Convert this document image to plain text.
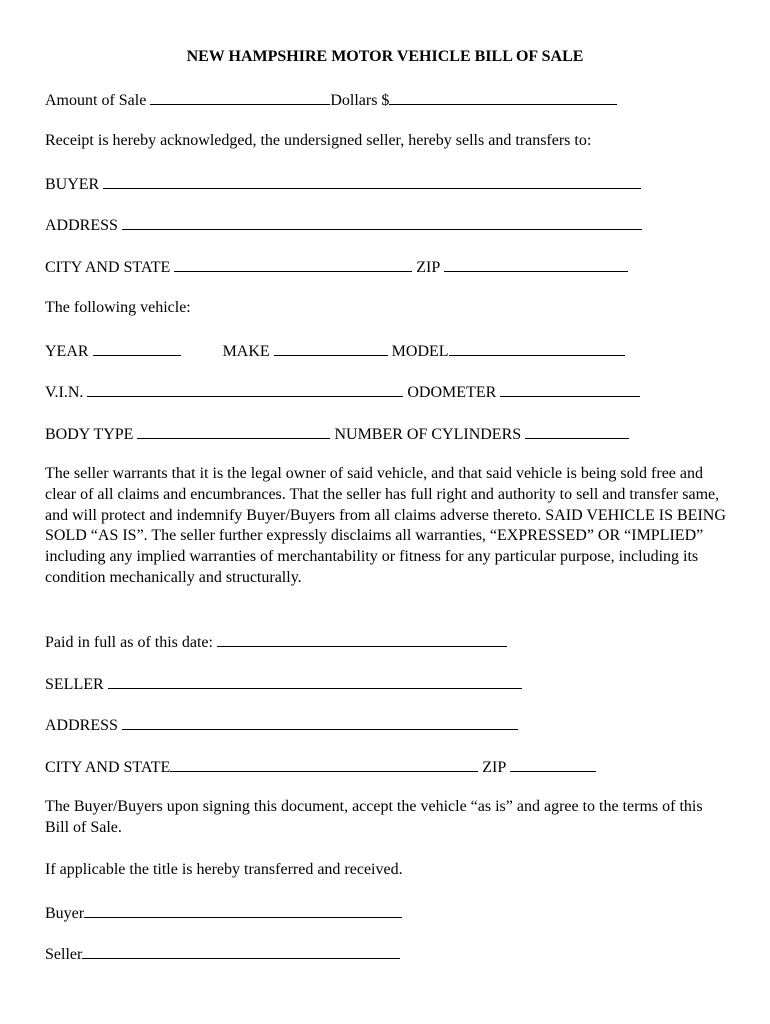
NEW HAMPSHIRE MOTOR VEHICLE BILL OF SALE
Amount of Sale	Dollars $
Receipt is hereby acknowledged, the undersigned seller, hereby sells and transfers to:
BUYER
ADDRESS
CITY AND STATE	ZIP
The following vehicle:
YEAR	MAKE	MODEL
V.I.N.	ODOMETER
BODY TYPE	NUMBER OF CYLINDERS
The seller warrants that it is the legal owner of said vehicle, and that said vehicle is being sold free and clear of all claims and encumbrances. That the seller has full right and authority to sell and transfer same, and will protect and indemnify Buyer/Buyers from all claims adverse thereto. SAID VEHICLE IS BEING SOLD “AS IS”. The seller further expressly disclaims all warranties, “EXPRESSED” OR “IMPLIED” including any implied warranties of merchantability or fitness for any particular purpose, including its condition mechanically and structurally.
Paid in full as of this date:
SELLER
ADDRESS
CITY AND STATE	ZIP
The Buyer/Buyers upon signing this document, accept the vehicle “as is” and agree to the terms of this Bill of Sale.
If applicable the title is hereby transferred and received.
Buyer
Seller
